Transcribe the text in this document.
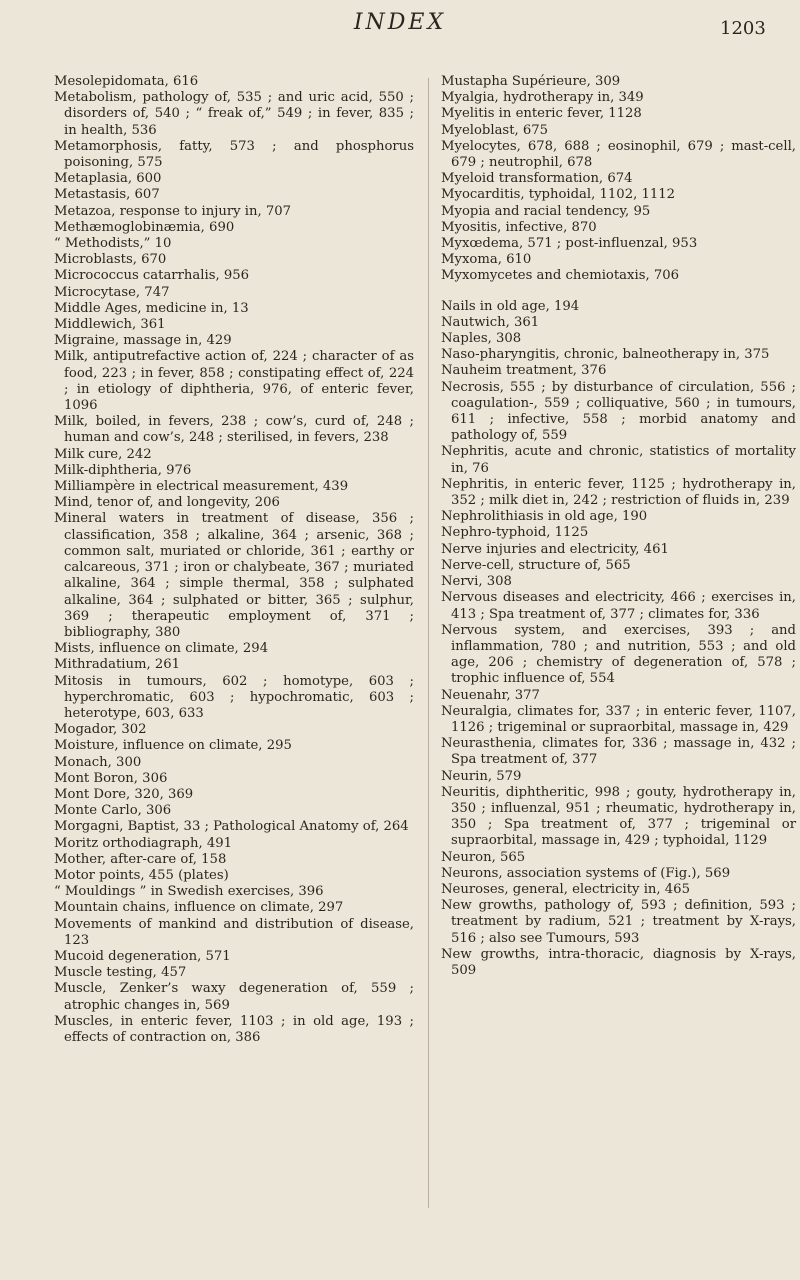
INDEX	1203

Mesolepidomata, 616

Metabolism, pathology of, 535 ; and uric acid, 550 ; disorders of, 540 ; “ freak of,” 549 ; in fever, 835 ; in health, 536

Metamorphosis, fatty, 573 ; and phosphorus poisoning, 575

Metaplasia, 600

Metastasis, 607

Metazoa, response to injury in, 707

Methæmoglobinæmia, 690

“ Methodists,” 10

Microblasts, 670

Micrococcus catarrhalis, 956

Microcytase, 747

Middle Ages, medicine in, 13

Middlewich, 361

Migraine, massage in, 429

Milk, antiputrefactive action of, 224 ; character of as food, 223 ; in fever, 858 ; constipating effect of, 224 ; in etiology of diphtheria, 976, of enteric fever, 1096

Milk, boiled, in fevers, 238 ; cow’s, curd of, 248 ; human and cow’s, 248 ; sterilised, in fevers, 238

Milk cure, 242

Milk-diphtheria, 976

Milliampère in electrical measurement, 439

Mind, tenor of, and longevity, 206

Mineral waters in treatment of disease, 356 ; classification, 358 ; alkaline, 364 ; arsenic, 368 ; common salt, muriated or chloride, 361 ; earthy or calcareous, 371 ; iron or chalybeate, 367 ; muriated alkaline, 364 ; simple thermal, 358 ; sulphated alkaline, 364 ; sulphated or bitter, 365 ; sulphur, 369 ; therapeutic employment of, 371 ; bibliography, 380

Mists, influence on climate, 294

Mithradatium, 261

Mitosis in tumours, 602 ; homotype, 603 ; hyperchromatic, 603 ; hypochromatic, 603 ; heterotype, 603, 633

Mogador, 302

Moisture, influence on climate, 295

Monach, 300

Mont Boron, 306

Mont Dore, 320, 369

Monte Carlo, 306

Morgagni, Baptist, 33 ; Pathological Anatomy of, 264

Moritz orthodiagraph, 491

Mother, after-care of, 158

Motor points, 455 (plates)

“ Mouldings ” in Swedish exercises, 396

Mountain chains, influence on climate, 297

Movements of mankind and distribution of disease, 123

Mucoid degeneration, 571

Muscle testing, 457

Muscle, Zenker’s waxy degeneration of, 559 ; atrophic changes in, 569

Muscles, in enteric fever, 1103 ; in old age, 193 ; effects of contraction on, 386

Mustapha Supérieure, 309

Myalgia, hydrotherapy in, 349

Myelitis in enteric fever, 1128

Myeloblast, 675

Myelocytes, 678, 688 ; eosinophil, 679 ; mast-cell, 679 ; neutrophil, 678

Myeloid transformation, 674

Myocarditis, typhoidal, 1102, 1112

Myopia and racial tendency, 95

Myositis, infective, 870

Myxœdema, 571 ; post-influenzal, 953

Myxoma, 610

Myxomycetes and chemiotaxis, 706

Nails in old age, 194

Nautwich, 361

Naples, 308

Naso-pharyngitis, chronic, balneotherapy in, 375

Nauheim treatment, 376

Necrosis, 555 ; by disturbance of circulation, 556 ; coagulation-, 559 ; colliquative, 560 ; in tumours, 611 ; infective, 558 ; morbid anatomy and pathology of, 559

Nephritis, acute and chronic, statistics of mortality in, 76

Nephritis, in enteric fever, 1125 ; hydrotherapy in, 352 ; milk diet in, 242 ; restriction of fluids in, 239

Nephrolithiasis in old age, 190

Nephro-typhoid, 1125

Nerve injuries and electricity, 461

Nerve-cell, structure of, 565

Nervi, 308

Nervous diseases and electricity, 466 ; exercises in, 413 ; Spa treatment of, 377 ; climates for, 336

Nervous system, and exercises, 393 ; and inflammation, 780 ; and nutrition, 553 ; and old age, 206 ; chemistry of degeneration of, 578 ; trophic influence of, 554

Neuenahr, 377

Neuralgia, climates for, 337 ; in enteric fever, 1107, 1126 ; trigeminal or supraorbital, massage in, 429

Neurasthenia, climates for, 336 ; massage in, 432 ; Spa treatment of, 377

Neurin, 579

Neuritis, diphtheritic, 998 ; gouty, hydrotherapy in, 350 ; influenzal, 951 ; rheumatic, hydrotherapy in, 350 ; Spa treatment of, 377 ; trigeminal or supraorbital, massage in, 429 ; typhoidal, 1129

Neuron, 565

Neurons, association systems of (Fig.), 569

Neuroses, general, electricity in, 465

New growths, pathology of, 593 ; definition, 593 ; treatment by radium, 521 ; treatment by X-rays, 516 ; also see Tumours, 593

New growths, intra-thoracic, diagnosis by X-rays, 509
